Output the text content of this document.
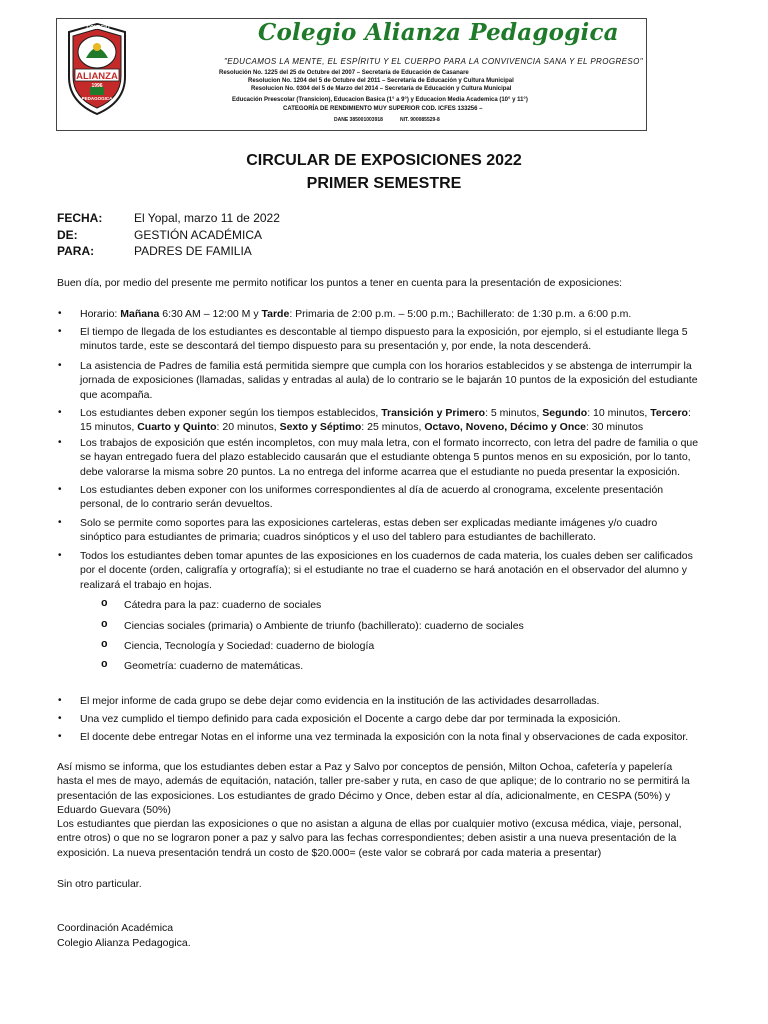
COLEGIO
ALIANZA
1996
PEDAGOGICA
Colegio Alianza Pedagogica
"EDUCAMOS LA MENTE, EL ESPÍRITU Y EL CUERPO PARA LA CONVIVENCIA SANA Y EL PROGRESO"
Resolución No. 1225 del 25 de Octubre del 2007 – Secretaría de Educación de Casanare
Resolucion No. 1204 del 5 de Octubre del 2011 – Secretaría de Educación y Cultura Municipal
Resolucion No. 0304 del 5 de Marzo del 2014 – Secretaría de Educación y Cultura Municipal
Educación Preescolar (Transicion), Educacion Basica (1° a 9°) y Educacion Media Academica (10° y 11°)
CATEGORÍA DE RENDIMIENTO MUY SUPERIOR COD. ICFES 133256 –
DANE 385001003918	NIT. 900085529-8
CIRCULAR DE EXPOSICIONES 2022
PRIMER SEMESTRE
FECHA:	El Yopal, marzo 11 de 2022
DE:	GESTIÓN ACADÉMICA
PARA:	PADRES DE FAMILIA

Buen día, por medio del presente me permito notificar los puntos a tener en cuenta para la presentación de exposiciones:

• Horario: Mañana 6:30 AM – 12:00 M y Tarde: Primaria de 2:00 p.m. – 5:00 p.m.; Bachillerato: de 1:30 p.m. a 6:00 p.m.

• El tiempo de llegada de los estudiantes es descontable al tiempo dispuesto para la exposición, por ejemplo, si el estudiante llega 5 minutos tarde, este se descontará del tiempo dispuesto para su presentación y, por ende, la nota descenderá.

• La asistencia de Padres de familia está permitida siempre que cumpla con los horarios establecidos y se abstenga de interrumpir la jornada de exposiciones (llamadas, salidas y entradas al aula) de lo contrario se le bajarán 10 puntos de la exposición del estudiante que acompaña.

• Los estudiantes deben exponer según los tiempos establecidos, Transición y Primero: 5 minutos, Segundo: 10 minutos, Tercero: 15 minutos, Cuarto y Quinto: 20 minutos, Sexto y Séptimo: 25 minutos, Octavo, Noveno, Décimo y Once: 30 minutos

• Los trabajos de exposición que estén incompletos, con muy mala letra, con el formato incorrecto, con letra del padre de familia o que se hayan entregado fuera del plazo establecido causarán que el estudiante obtenga 5 puntos menos en su exposición, por lo tanto, debe valorarse la misma sobre 20 puntos. La no entrega del informe acarrea que el estudiante no pueda presentar la exposición.

• Los estudiantes deben exponer con los uniformes correspondientes al día de acuerdo al cronograma, excelente presentación personal, de lo contrario serán devueltos.

• Solo se permite como soportes para las exposiciones carteleras, estas deben ser explicadas mediante imágenes y/o cuadro sinóptico para estudiantes de primaria; cuadros sinópticos y el uso del tablero para estudiantes de bachillerato.

• Todos los estudiantes deben tomar apuntes de las exposiciones en los cuadernos de cada materia, los cuales deben ser calificados por el docente (orden, caligrafía y ortografía); si el estudiante no trae el cuaderno se hará anotación en el observador del alumno y realizará el trabajo en hojas.

o Cátedra para la paz: cuaderno de sociales
o Ciencias sociales (primaria) o Ambiente de triunfo (bachillerato): cuaderno de sociales
o Ciencia, Tecnología y Sociedad: cuaderno de biología
o Geometría: cuaderno de matemáticas.
• El mejor informe de cada grupo se debe dejar como evidencia en la institución de las actividades desarrolladas.

• Una vez cumplido el tiempo definido para cada exposición el Docente a cargo debe dar por terminada la exposición.

• El docente debe entregar Notas en el informe una vez terminada la exposición con la nota final y observaciones de cada expositor.

Así mismo se informa, que los estudiantes deben estar a Paz y Salvo por conceptos de pensión, Milton Ochoa, cafetería y papelería hasta el mes de mayo, además de equitación, natación, taller pre-saber y ruta, en caso de que aplique; de lo contrario no se permitirá la presentación de las exposiciones. Los estudiantes de grado Décimo y Once, deben estar al día, adicionalmente, en CESPA (50%) y Eduardo Guevara (50%)

Los estudiantes que pierdan las exposiciones o que no asistan a alguna de ellas por cualquier motivo (excusa médica, viaje, personal, entre otros) o que no se lograron poner a paz y salvo para las fechas correspondientes; deben asistir a una nueva presentación de la exposición. La nueva presentación tendrá un costo de $20.000= (este valor se cobrará por cada materia a presentar)

Sin otro particular.

Coordinación Académica

Colegio Alianza Pedagogica.
